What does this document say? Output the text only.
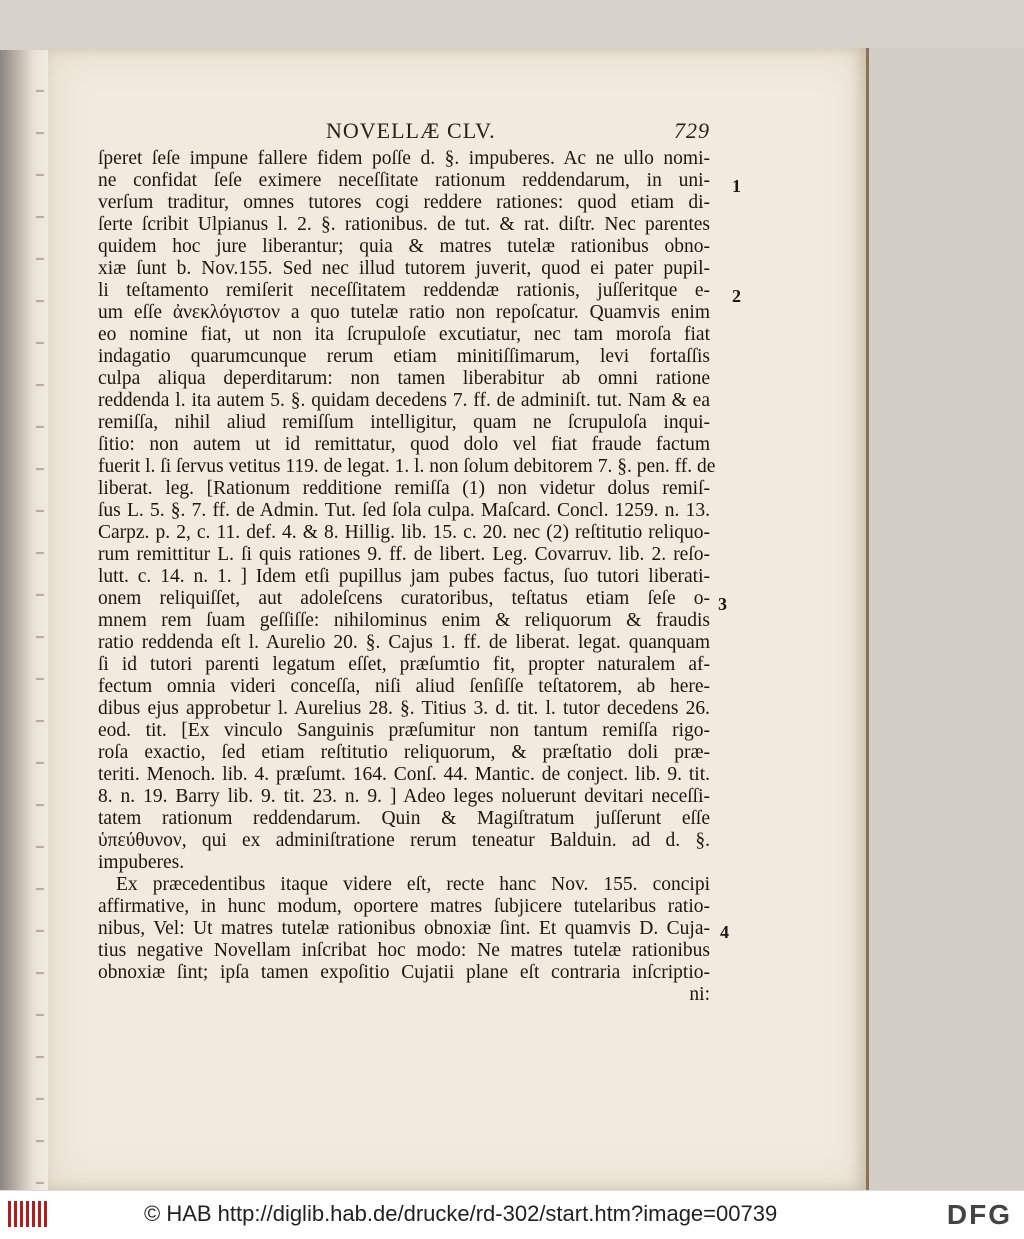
NOVELLÆ CLV.	729
ſperet ſeſe impune fallere fidem poſſe d. §. impuberes. Ac ne ullo nomi-
ne confidat ſeſe eximere neceſſitate rationum reddendarum, in uni-
verſum traditur, omnes tutores cogi reddere rationes: quod etiam di-
ſerte ſcribit Ulpianus l. 2. §. rationibus. de tut. & rat. diſtr. Nec parentes
quidem hoc jure liberantur; quia & matres tutelæ rationibus obno-
xiæ ſunt b. Nov.155. Sed nec illud tutorem juverit, quod ei pater pupil-
li teſtamento remiſerit neceſſitatem reddendæ rationis, juſſeritque e-
um eſſe ἀνεκλόγιστον a quo tutelæ ratio non repoſcatur. Quamvis enim
eo nomine fiat, ut non ita ſcrupuloſe excutiatur, nec tam moroſa fiat
indagatio quarumcunque rerum etiam minitiſſimarum, levi fortaſſis
culpa aliqua deperditarum: non tamen liberabitur ab omni ratione
reddenda l. ita autem 5. §. quidam decedens 7. ff. de adminiſt. tut. Nam & ea
remiſſa, nihil aliud remiſſum intelligitur, quam ne ſcrupuloſa inqui-
ſitio: non autem ut id remittatur, quod dolo vel fiat fraude factum
fuerit l. ſi ſervus vetitus 119. de legat. 1. l. non ſolum debitorem 7. §. pen. ff. de
liberat. leg. [Rationum redditione remiſſa (1) non videtur dolus remiſ-
ſus L. 5. §. 7. ff. de Admin. Tut. ſed ſola culpa. Maſcard. Concl. 1259. n. 13.
Carpz. p. 2, c. 11. def. 4. & 8. Hillig. lib. 15. c. 20. nec (2) reſtitutio reliquo-
rum remittitur L. ſi quis rationes 9. ff. de libert. Leg. Covarruv. lib. 2. reſo-
lutt. c. 14. n. 1. ] Idem etſi pupillus jam pubes factus, ſuo tutori liberati-
onem reliquiſſet, aut adoleſcens curatoribus, teſtatus etiam ſeſe o-
mnem rem ſuam geſſiſſe: nihilominus enim & reliquorum & fraudis
ratio reddenda eſt l. Aurelio 20. §. Cajus 1. ff. de liberat. legat. quanquam
ſi id tutori parenti legatum eſſet, præſumtio fit, propter naturalem af-
fectum omnia videri conceſſa, niſi aliud ſenſiſſe teſtatorem, ab here-
dibus ejus approbetur l. Aurelius 28. §. Titius 3. d. tit. l. tutor decedens 26.
eod. tit. [Ex vinculo Sanguinis præſumitur non tantum remiſſa rigo-
roſa exactio, ſed etiam reſtitutio reliquorum, & præſtatio doli præ-
teriti. Menoch. lib. 4. præſumt. 164. Conſ. 44. Mantic. de conject. lib. 9. tit.
8. n. 19. Barry lib. 9. tit. 23. n. 9. ] Adeo leges noluerunt devitari neceſſi-
tatem rationum reddendarum. Quin & Magiſtratum juſſerunt eſſe
ὑπεύθυνον, qui ex adminiſtratione rerum teneatur Balduin. ad d. §.
impuberes.
Ex præcedentibus itaque videre eſt, recte hanc Nov. 155. concipi
affirmative, in hunc modum, oportere matres ſubjicere tutelaribus ratio-
nibus, Vel: Ut matres tutelæ rationibus obnoxiæ ſint. Et quamvis D. Cuja-
tius negative Novellam inſcribat hoc modo: Ne matres tutelæ rationibus
obnoxiæ ſint; ipſa tamen expoſitio Cujatii plane eſt contraria inſcriptio-
ni:
1
2
3
4
© HAB http://diglib.hab.de/drucke/rd-302/start.htm?image=00739	DFG
